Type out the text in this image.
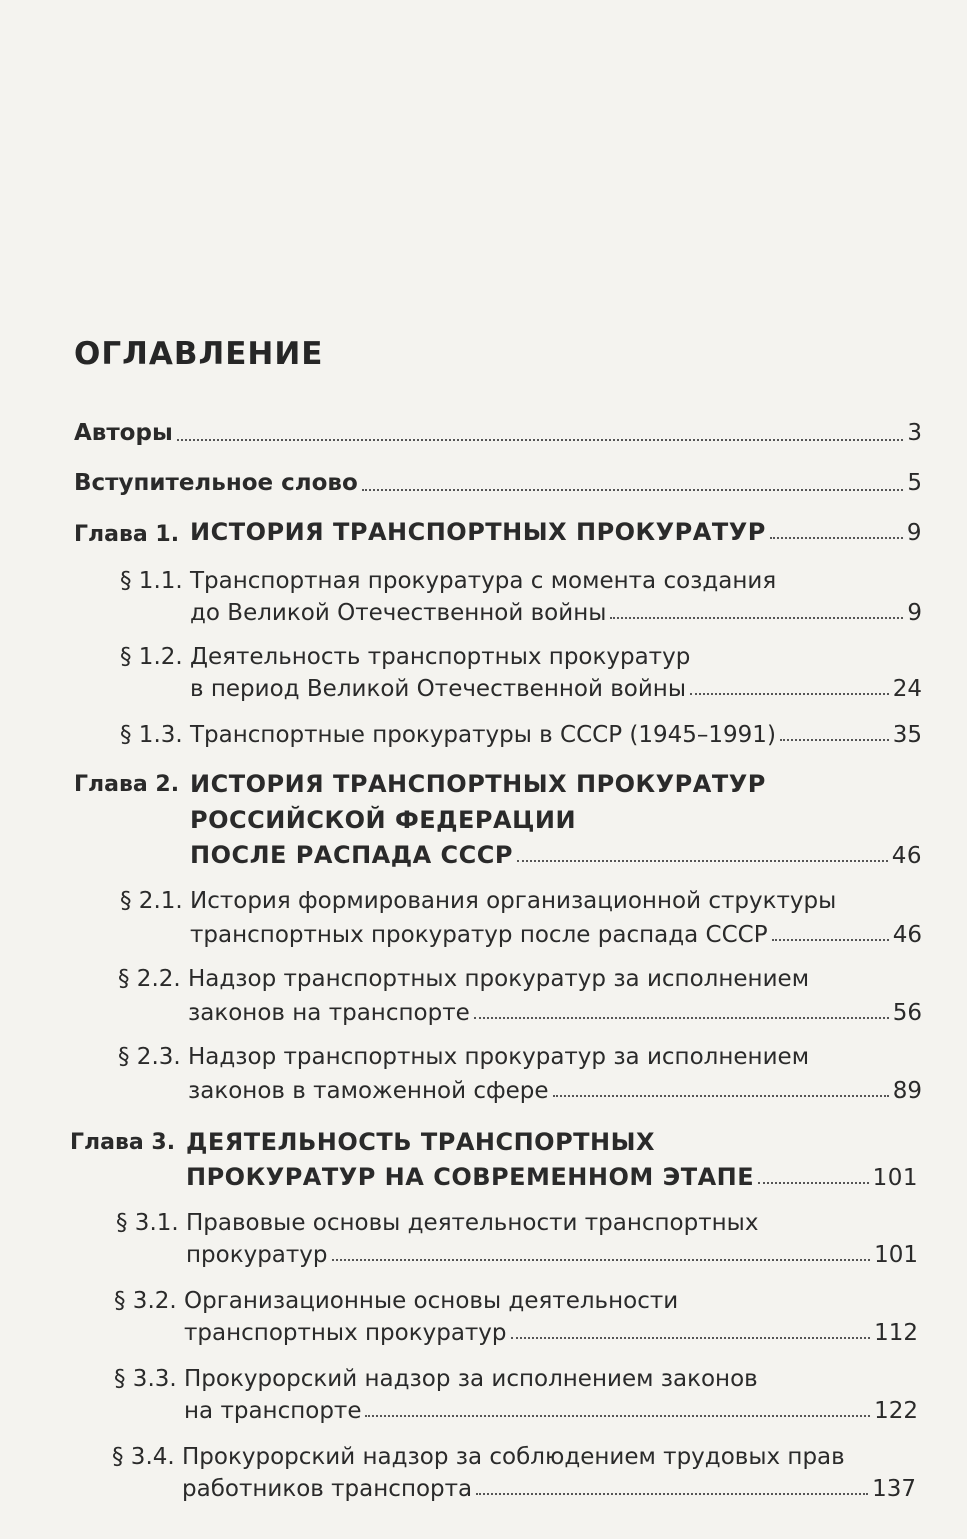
ОГЛАВЛЕНИЕ
Авторы	3
Вступительное слово	5
Глава 1. ИСТОРИЯ ТРАНСПОРТНЫХ ПРОКУРАТУР	9
§ 1.1. Транспортная прокуратура с момента создания
до Великой Отечественной войны	9
§ 1.2. Деятельность транспортных прокуратур
в период Великой Отечественной войны	24
§ 1.3. Транспортные прокуратуры в СССР (1945–1991)	35
Глава 2. ИСТОРИЯ ТРАНСПОРТНЫХ ПРОКУРАТУР
РОССИЙСКОЙ ФЕДЕРАЦИИ
ПОСЛЕ РАСПАДА СССР	46
§ 2.1. История формирования организационной структуры
транспортных прокуратур после распада СССР	46
§ 2.2. Надзор транспортных прокуратур за исполнением
законов на транспорте	56
§ 2.3. Надзор транспортных прокуратур за исполнением
законов в таможенной сфере	89
Глава 3. ДЕЯТЕЛЬНОСТЬ ТРАНСПОРТНЫХ
ПРОКУРАТУР НА СОВРЕМЕННОМ ЭТАПЕ	101
§ 3.1. Правовые основы деятельности транспортных
прокуратур	101
§ 3.2. Организационные основы деятельности
транспортных прокуратур	112
§ 3.3. Прокурорский надзор за исполнением законов
на транспорте	122
§ 3.4. Прокурорский надзор за соблюдением трудовых прав
работников транспорта	137
